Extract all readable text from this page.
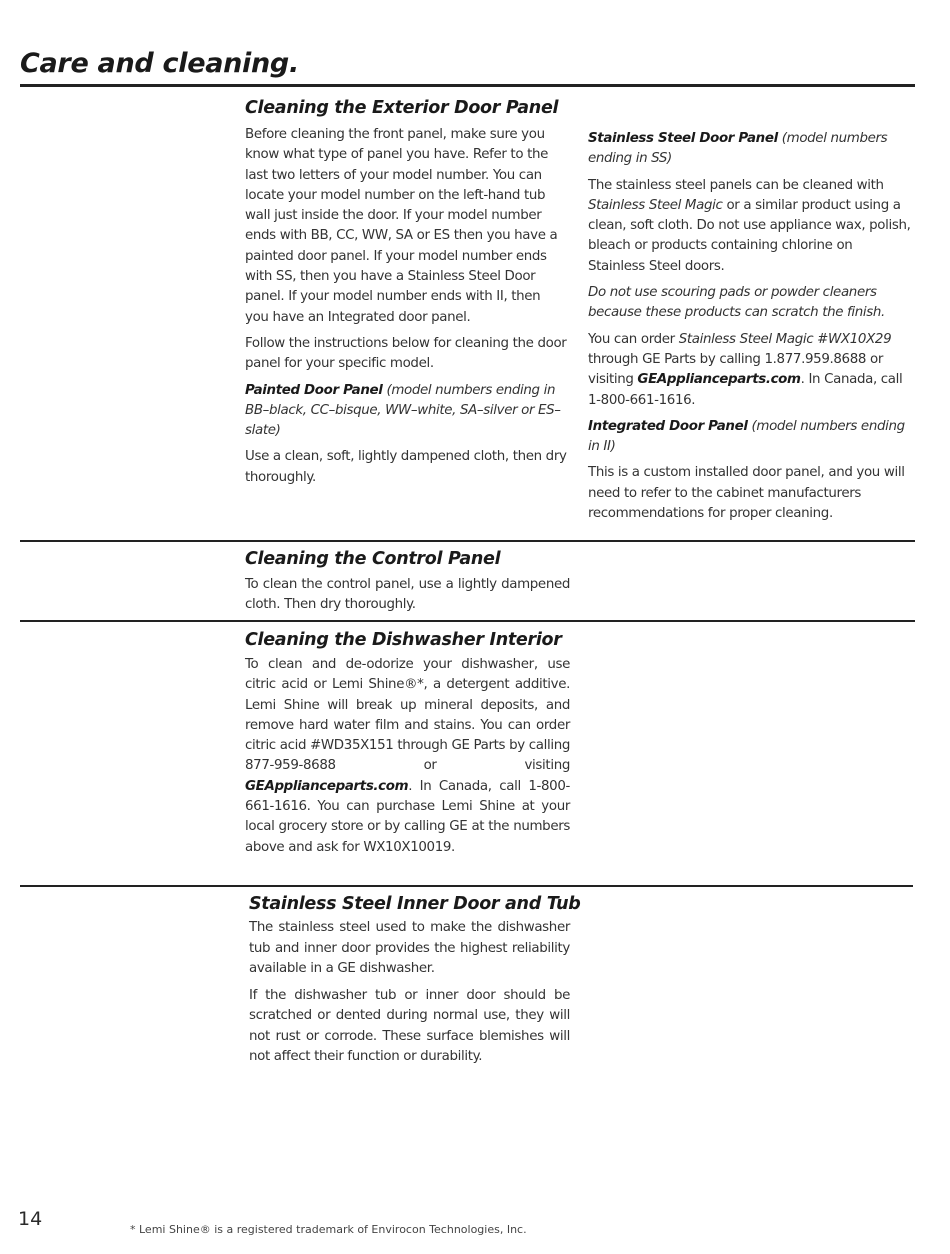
Care and cleaning.
Cleaning the Exterior Door Panel

Before cleaning the front panel, make sure you know what type of panel you have. Refer to the last two letters of your model number. You can locate your model number on the left-hand tub wall just inside the door. If your model number ends with BB, CC, WW, SA or ES then you have a painted door panel. If your model number ends with SS, then you have a Stainless Steel Door panel. If your model number ends with II, then you have an Integrated door panel.

Follow the instructions below for cleaning the door panel for your specific model.

Painted Door Panel (model numbers ending in BB–black, CC–bisque, WW–white, SA–silver or ES–slate)

Use a clean, soft, lightly dampened cloth, then dry thoroughly.

Stainless Steel Door Panel (model numbers ending in SS)

The stainless steel panels can be cleaned with Stainless Steel Magic or a similar product using a clean, soft cloth. Do not use appliance wax, polish, bleach or products containing chlorine on Stainless Steel doors.

Do not use scouring pads or powder cleaners because these products can scratch the finish.

You can order Stainless Steel Magic #WX10X29 through GE Parts by calling 1.877.959.8688 or visiting GEApplianceparts.com. In Canada, call 1-800-661-1616.

Integrated Door Panel (model numbers ending in II)

This is a custom installed door panel, and you will need to refer to the cabinet manufacturers recommendations for proper cleaning.

Cleaning the Control Panel

To clean the control panel, use a lightly dampened cloth. Then dry thoroughly.

Cleaning the Dishwasher Interior

To clean and de-odorize your dishwasher, use citric acid or Lemi Shine®*, a detergent additive. Lemi Shine will break up mineral deposits, and remove hard water film and stains. You can order citric acid #WD35X151 through GE Parts by calling 877-959-8688 or visiting GEApplianceparts.com. In Canada, call 1-800-661-1616. You can purchase Lemi Shine at your local grocery store or by calling GE at the numbers above and ask for WX10X10019.

Stainless Steel Inner Door and Tub

The stainless steel used to make the dishwasher tub and inner door provides the highest reliability available in a GE dishwasher.

If the dishwasher tub or inner door should be scratched or dented during normal use, they will not rust or corrode. These surface blemishes will not affect their function or durability.

14	* Lemi Shine® is a registered trademark of Envirocon Technologies, Inc.
